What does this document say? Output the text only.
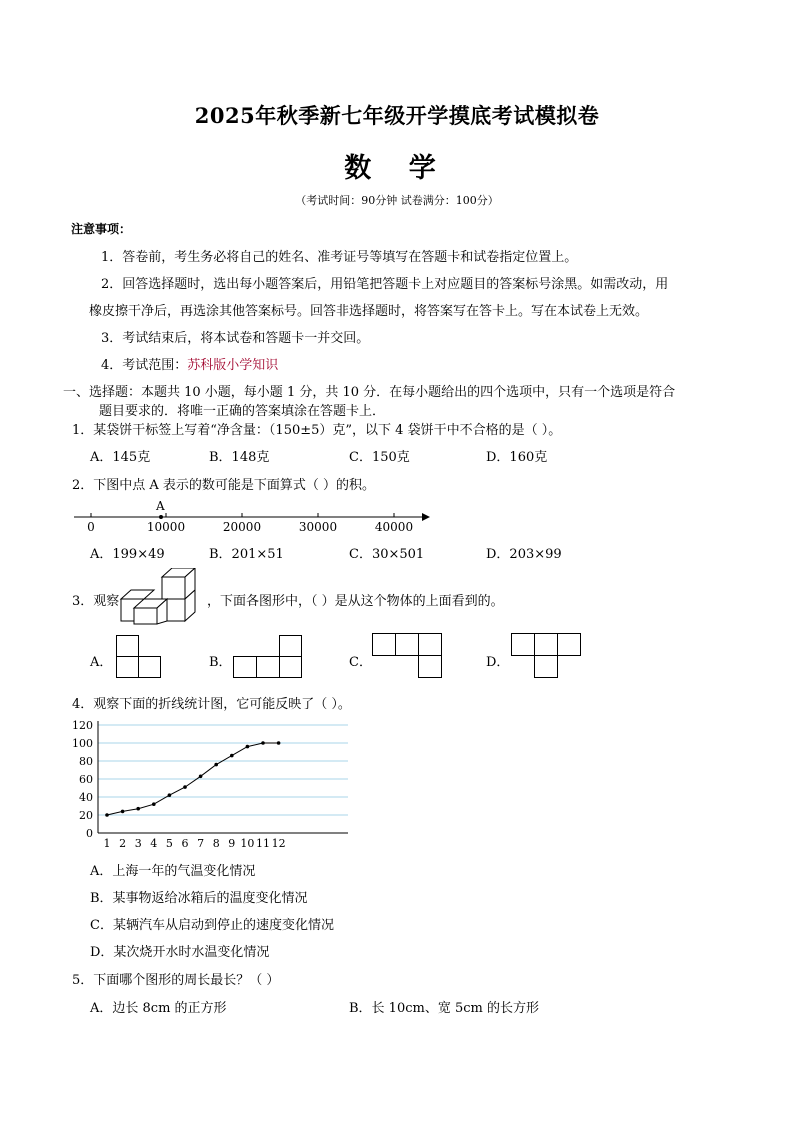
2025年秋季新七年级开学摸底考试模拟卷
数 学
（考试时间：90分钟 试卷满分：100分）
注意事项：
1．答卷前，考生务必将自己的姓名、准考证号等填写在答题卡和试卷指定位置上。
2．回答选择题时，选出每小题答案后，用铅笔把答题卡上对应题目的答案标号涂黑。如需改动，用
橡皮擦干净后，再选涂其他答案标号。回答非选择题时，将答案写在答卡上。写在本试卷上无效。
3．考试结束后，将本试卷和答题卡一并交回。
4．考试范围：苏科版小学知识
一、选择题：本题共 10 小题，每小题 1 分，共 10 分．在每小题给出的四个选项中，只有一个选项是符合
题目要求的．将唯一正确的答案填涂在答题卡上．
1．某袋饼干标签上写着“净含量：（150±5）克”，以下 4 袋饼干中不合格的是（ ）。
A．145克	B．148克	C．150克	D．160克
2．下图中点 A 表示的数可能是下面算式（ ）的积。
A
0	10000	20000	30000	40000
A．199×49	B．201×51	C．30×501	D．203×99
3．观察	，下面各图形中，（ ）是从这个物体的上面看到的。
A．	B．	C．	D．
4．观察下面的折线统计图，它可能反映了（ ）。
0
20
40
60
80
100
120
1 2 3 4 5 6 7 8 9 10 11 12
A．上海一年的气温变化情况
B．某事物返给冰箱后的温度变化情况
C．某辆汽车从启动到停止的速度变化情况
D．某次烧开水时水温变化情况
5．下面哪个图形的周长最长？（ ）
A．边长 8cm 的正方形	B．长 10cm、宽 5cm 的长方形
